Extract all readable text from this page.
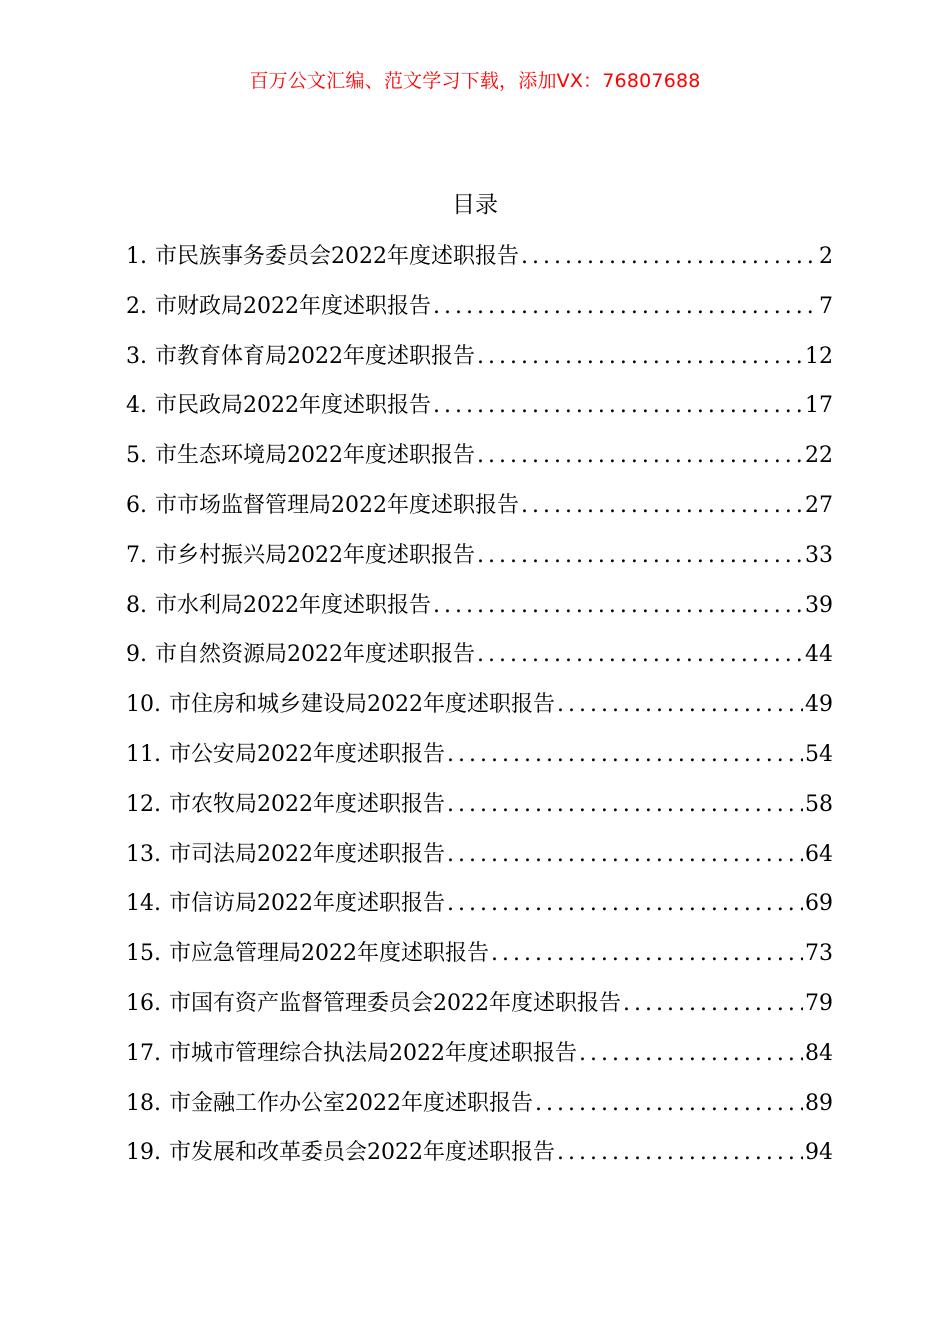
百万公文汇编、范文学习下载，添加VX：76807688
目录
1. 市民族事务委员会2022年度述职报告 .....	2
2. 市财政局2022年度述职报告 .....	7
3. 市教育体育局2022年度述职报告 .....	12
4. 市民政局2022年度述职报告 .....	17
5. 市生态环境局2022年度述职报告 .....	22
6. 市市场监督管理局2022年度述职报告 .....	27
7. 市乡村振兴局2022年度述职报告 .....	33
8. 市水利局2022年度述职报告 .....	39
9. 市自然资源局2022年度述职报告 .....	44
10. 市住房和城乡建设局2022年度述职报告 .....	49
11. 市公安局2022年度述职报告 .....	54
12. 市农牧局2022年度述职报告 .....	58
13. 市司法局2022年度述职报告 .....	64
14. 市信访局2022年度述职报告 .....	69
15. 市应急管理局2022年度述职报告 .....	73
16. 市国有资产监督管理委员会2022年度述职报告 .....	79
17. 市城市管理综合执法局2022年度述职报告 .....	84
18. 市金融工作办公室2022年度述职报告 .....	89
19. 市发展和改革委员会2022年度述职报告 .....	94
